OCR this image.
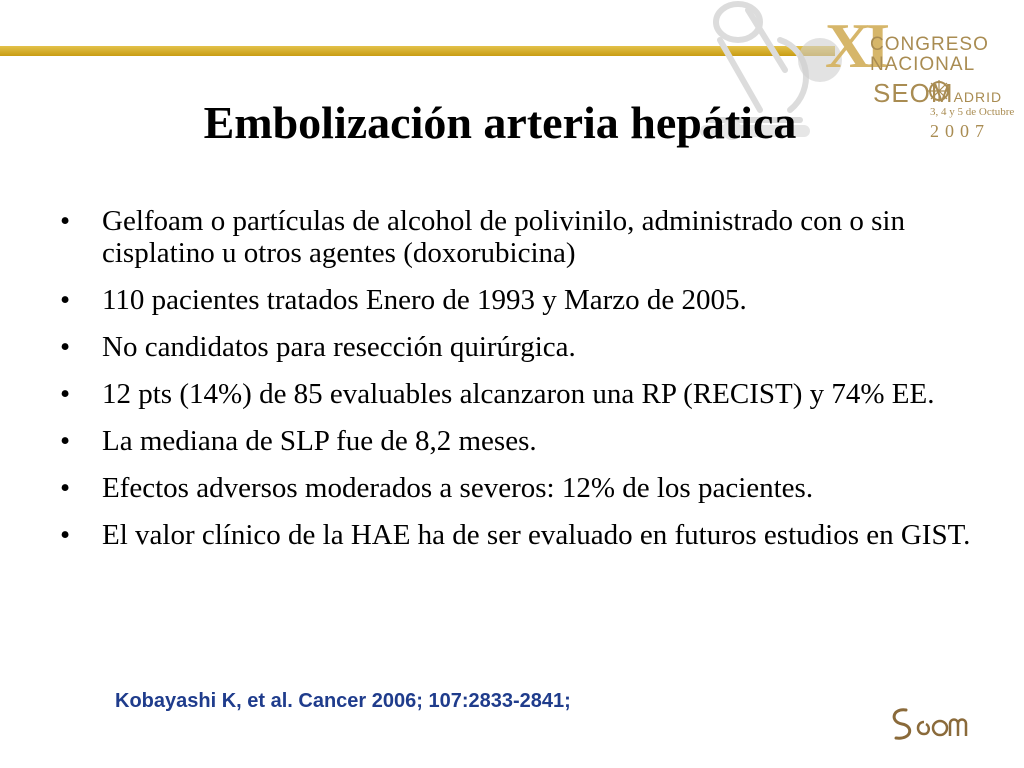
XI
CONGRESO
NACIONAL
SEOMADRID
3, 4 y 5 de Octubre
2007
Embolización arteria hepática
• Gelfoam o partículas de alcohol de polivinilo, administrado con o sin cisplatino u otros agentes (doxorubicina)
• 110 pacientes tratados Enero de 1993 y Marzo de 2005.
• No candidatos para resección quirúrgica.
• 12 pts (14%) de 85 evaluables alcanzaron una RP (RECIST) y 74% EE.
• La mediana de SLP fue de 8,2 meses.
• Efectos adversos moderados a severos: 12% de los pacientes.
• El valor clínico de la HAE ha de ser evaluado en futuros estudios en GIST.
Kobayashi K, et al. Cancer 2006; 107:2833-2841;
